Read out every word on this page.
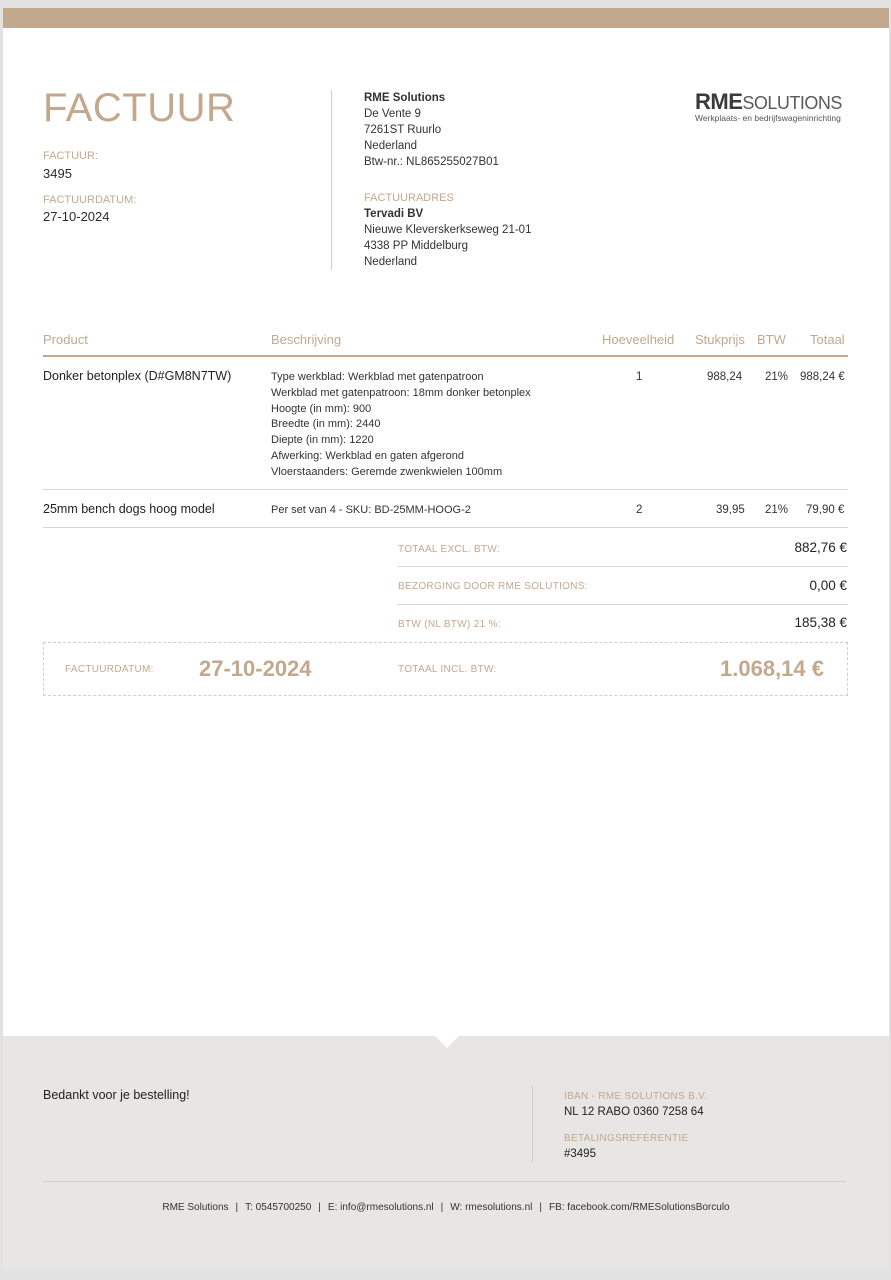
FACTUUR
FACTUUR:
3495
FACTUURDATUM:
27-10-2024
RME Solutions
De Vente 9
7261ST Ruurlo
Nederland
Btw-nr.: NL865255027B01
FACTUURADRES
Tervadi BV
Nieuwe Kleverskerkseweg 21-01
4338 PP Middelburg
Nederland
RMESOLUTIONS
Werkplaats- en bedrijfswageninrichting
Product	Beschrijving	Hoeveelheid Stukprijs BTW Totaal
Donker betonplex (D#GM8N7TW)	Type werkblad: Werkblad met gatenpatroon
Werkblad met gatenpatroon: 18mm donker betonplex
Hoogte (in mm): 900
Breedte (in mm): 2440
Diepte (in mm): 1220
Afwerking: Werkblad en gaten afgerond
Vloerstaanders: Geremde zwenkwielen 100mm
1	988,24 21% 988,24 €
25mm bench dogs hoog model	Per set van 4 - SKU: BD-25MM-HOOG-2	2	39,95 21% 79,90 €
TOTAAL EXCL. BTW:	882,76 €
BEZORGING DOOR RME SOLUTIONS:	0,00 €
BTW (NL BTW) 21 %:	185,38 €
FACTUURDATUM: 27-10-2024	TOTAAL INCL. BTW:	1.068,14 €
Bedankt voor je bestelling!	IBAN - RME SOLUTIONS B.V.
NL 12 RABO 0360 7258 64
BETALINGSREFERENTIE
#3495
RME Solutions | T: 0545700250 | E: info@rmesolutions.nl | W: rmesolutions.nl | FB: facebook.com/RMESolutionsBorculo
